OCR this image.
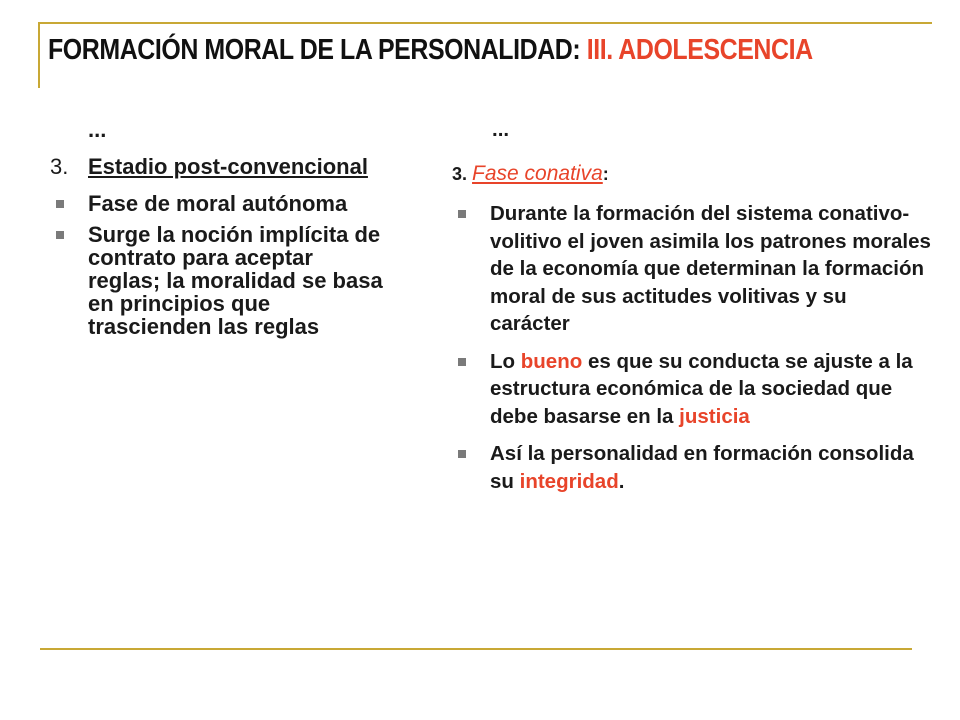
FORMACIÓN MORAL DE LA PERSONALIDAD: III. ADOLESCENCIA
...
3. Estadio post-convencional
Fase de moral autónoma
Surge la noción implícita de contrato para aceptar reglas; la moralidad se basa en principios que trascienden las reglas
...
3. Fase conativa:
Durante la formación del sistema conativo-volitivo el joven asimila los patrones morales de la economía que determinan la formación moral de sus actitudes volitivas y su carácter
Lo bueno es que su conducta se ajuste a la estructura económica de la sociedad que debe basarse en la justicia
Así la personalidad en formación consolida su integridad.
